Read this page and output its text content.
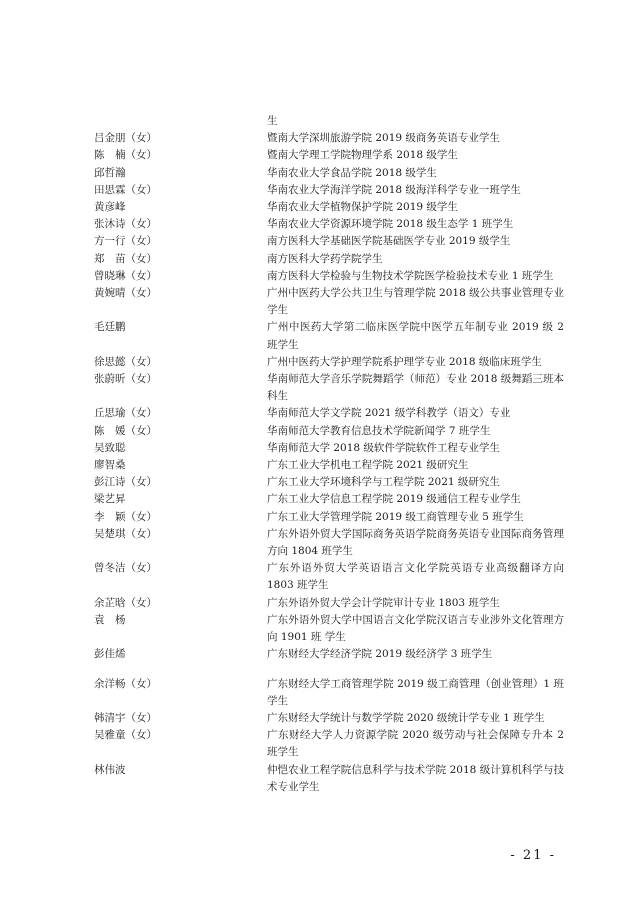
生
吕金朋（女）	暨南大学深圳旅游学院 2019 级商务英语专业学生
陈　楠（女）	暨南大学理工学院物理学系 2018 级学生
邱哲瀚	华南农业大学食品学院 2018 级学生
田思霖（女）	华南农业大学海洋学院 2018 级海洋科学专业一班学生
黄彦峰	华南农业大学植物保护学院 2019 级学生
张沐诗（女）	华南农业大学资源环境学院 2018 级生态学 1 班学生
方一行（女）	南方医科大学基础医学院基础医学专业 2019 级学生
郑　苗（女）	南方医科大学药学院学生
曾晓琳（女）	南方医科大学检验与生物技术学院医学检验技术专业 1 班学生
黄婉晴（女）	广州中医药大学公共卫生与管理学院 2018 级公共事业管理专业学生
毛廷鹏	广州中医药大学第二临床医学院中医学五年制专业 2019 级 2 班学生
徐思懿（女）	广州中医药大学护理学院系护理学专业 2018 级临床班学生
张蔚昕（女）	华南师范大学音乐学院舞蹈学（师范）专业 2018 级舞蹈三班本科生
丘思瑜（女）	华南师范大学文学院 2021 级学科教学（语文）专业
陈　媛（女）	华南师范大学教育信息技术学院新闻学 7 班学生
吴致聪	华南师范大学 2018 级软件学院软件工程专业学生
廖智桑	广东工业大学机电工程学院 2021 级研究生
彭江诗（女）	广东工业大学环境科学与工程学院 2021 级研究生
梁艺昇	广东工业大学信息工程学院 2019 级通信工程专业学生
李　颖（女）	广东工业大学管理学院 2019 级工商管理专业 5 班学生
吴楚琪（女）	广东外语外贸大学国际商务英语学院商务英语专业国际商务管理方向 1804 班学生
曾冬洁（女）	广东外语外贸大学英语语言文化学院英语专业高级翻译方向 1803 班学生
余芷晗（女）	广东外语外贸大学会计学院审计专业 1803 班学生
袁　杨	广东外语外贸大学中国语言文化学院汉语言专业涉外文化管理方向 1901 班 学生
彭佳烯	广东财经大学经济学院 2019 级经济学 3 班学生
余洋畅（女）	广东财经大学工商管理学院 2019 级工商管理（创业管理）1 班学生
韩清宇（女）	广东财经大学统计与数学学院 2020 级统计学专业 1 班学生
吴雅童（女）	广东财经大学人力资源学院 2020 级劳动与社会保障专升本 2 班学生
林伟波	仲恺农业工程学院信息科学与技术学院 2018 级计算机科学与技术专业学生
- 21 -
